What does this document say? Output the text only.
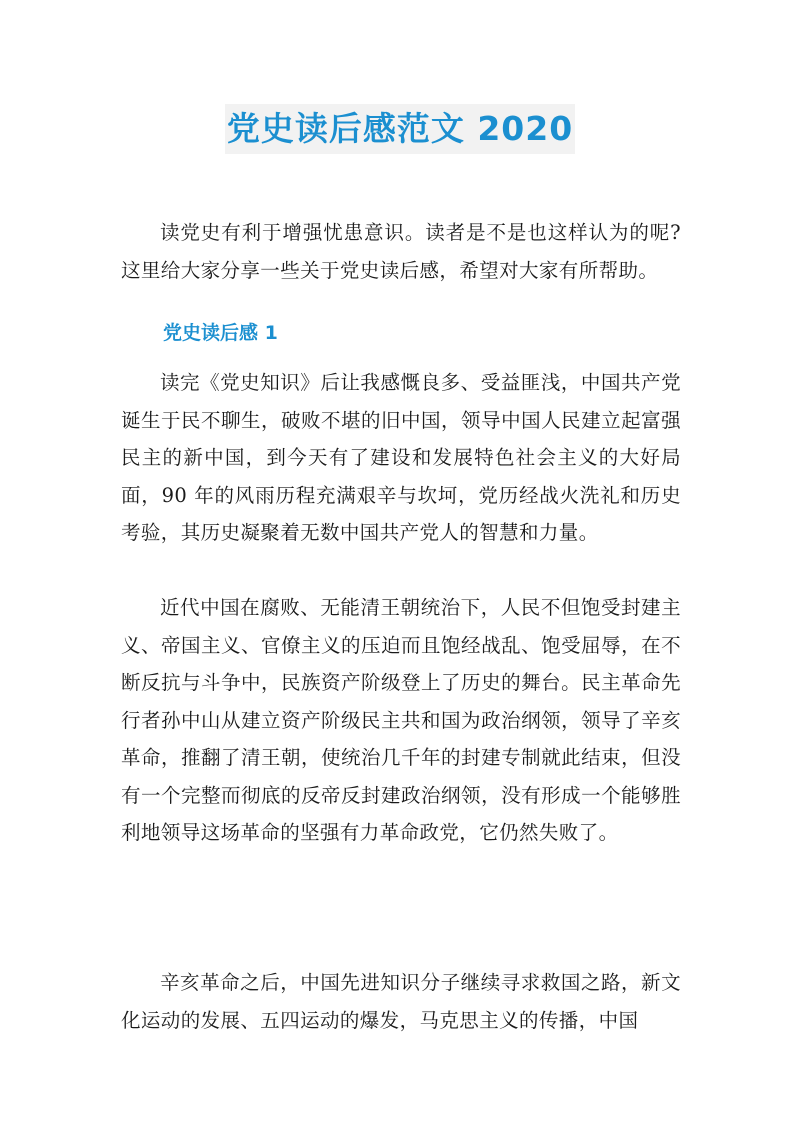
党史读后感范文 2020

读党史有利于增强忧患意识。读者是不是也这样认为的呢?这里给大家分享一些关于党史读后感，希望对大家有所帮助。

党史读后感 1

读完《党史知识》后让我感慨良多、受益匪浅，中国共产党诞生于民不聊生，破败不堪的旧中国，领导中国人民建立起富强民主的新中国，到今天有了建设和发展特色社会主义的大好局面，90 年的风雨历程充满艰辛与坎坷，党历经战火洗礼和历史考验，其历史凝聚着无数中国共产党人的智慧和力量。

近代中国在腐败、无能清王朝统治下，人民不但饱受封建主义、帝国主义、官僚主义的压迫而且饱经战乱、饱受屈辱，在不断反抗与斗争中，民族资产阶级登上了历史的舞台。民主革命先行者孙中山从建立资产阶级民主共和国为政治纲领，领导了辛亥革命，推翻了清王朝，使统治几千年的封建专制就此结束，但没有一个完整而彻底的反帝反封建政治纲领，没有形成一个能够胜利地领导这场革命的坚强有力革命政党，它仍然失败了。

辛亥革命之后，中国先进知识分子继续寻求救国之路，新文化运动的发展、五四运动的爆发，马克思主义的传播，中国
